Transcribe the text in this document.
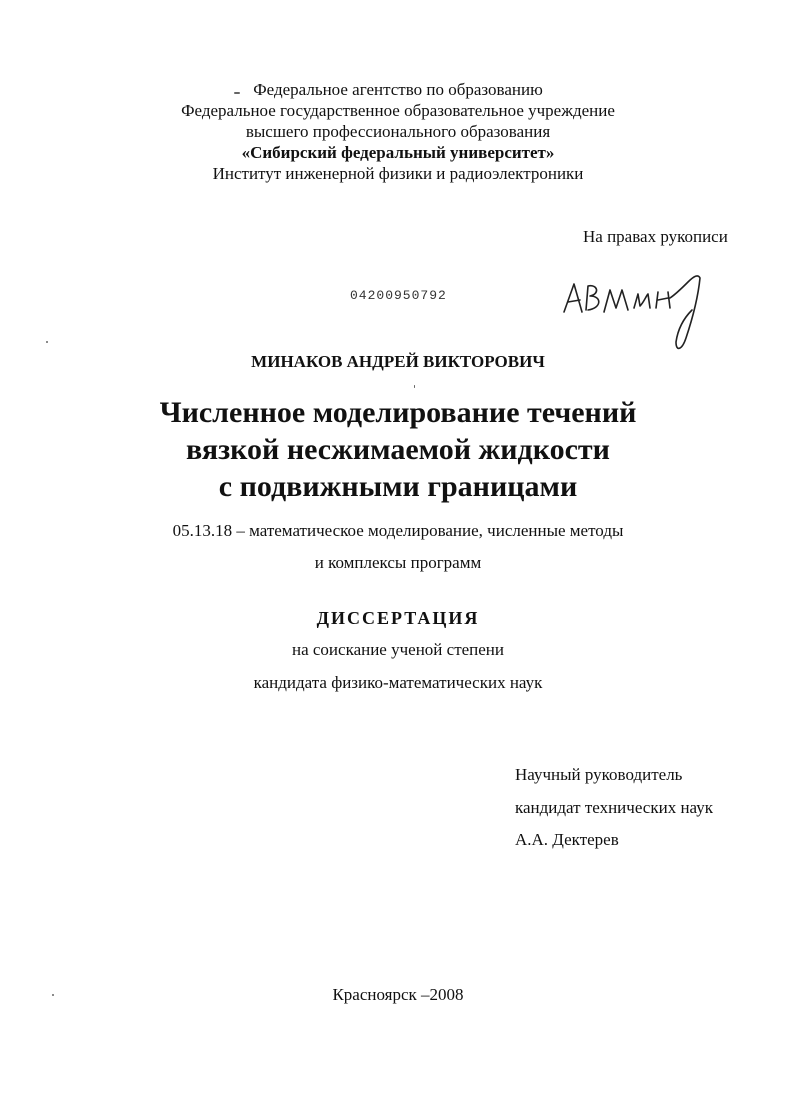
Федеральное агентство по образованию
Федеральное государственное образовательное учреждение
высшего профессионального образования
«Сибирский федеральный университет»
Институт инженерной физики и радиоэлектроники
На правах рукописи
04200950792
МИНАКОВ АНДРЕЙ ВИКТОРОВИЧ
Численное моделирование течений
вязкой несжимаемой жидкости
с подвижными границами
05.13.18 – математическое моделирование, численные методы
и комплексы программ
ДИССЕРТАЦИЯ
на соискание ученой степени
кандидата физико-математических наук
Научный руководитель
кандидат технических наук
А.А. Дектерев
Красноярск –2008
